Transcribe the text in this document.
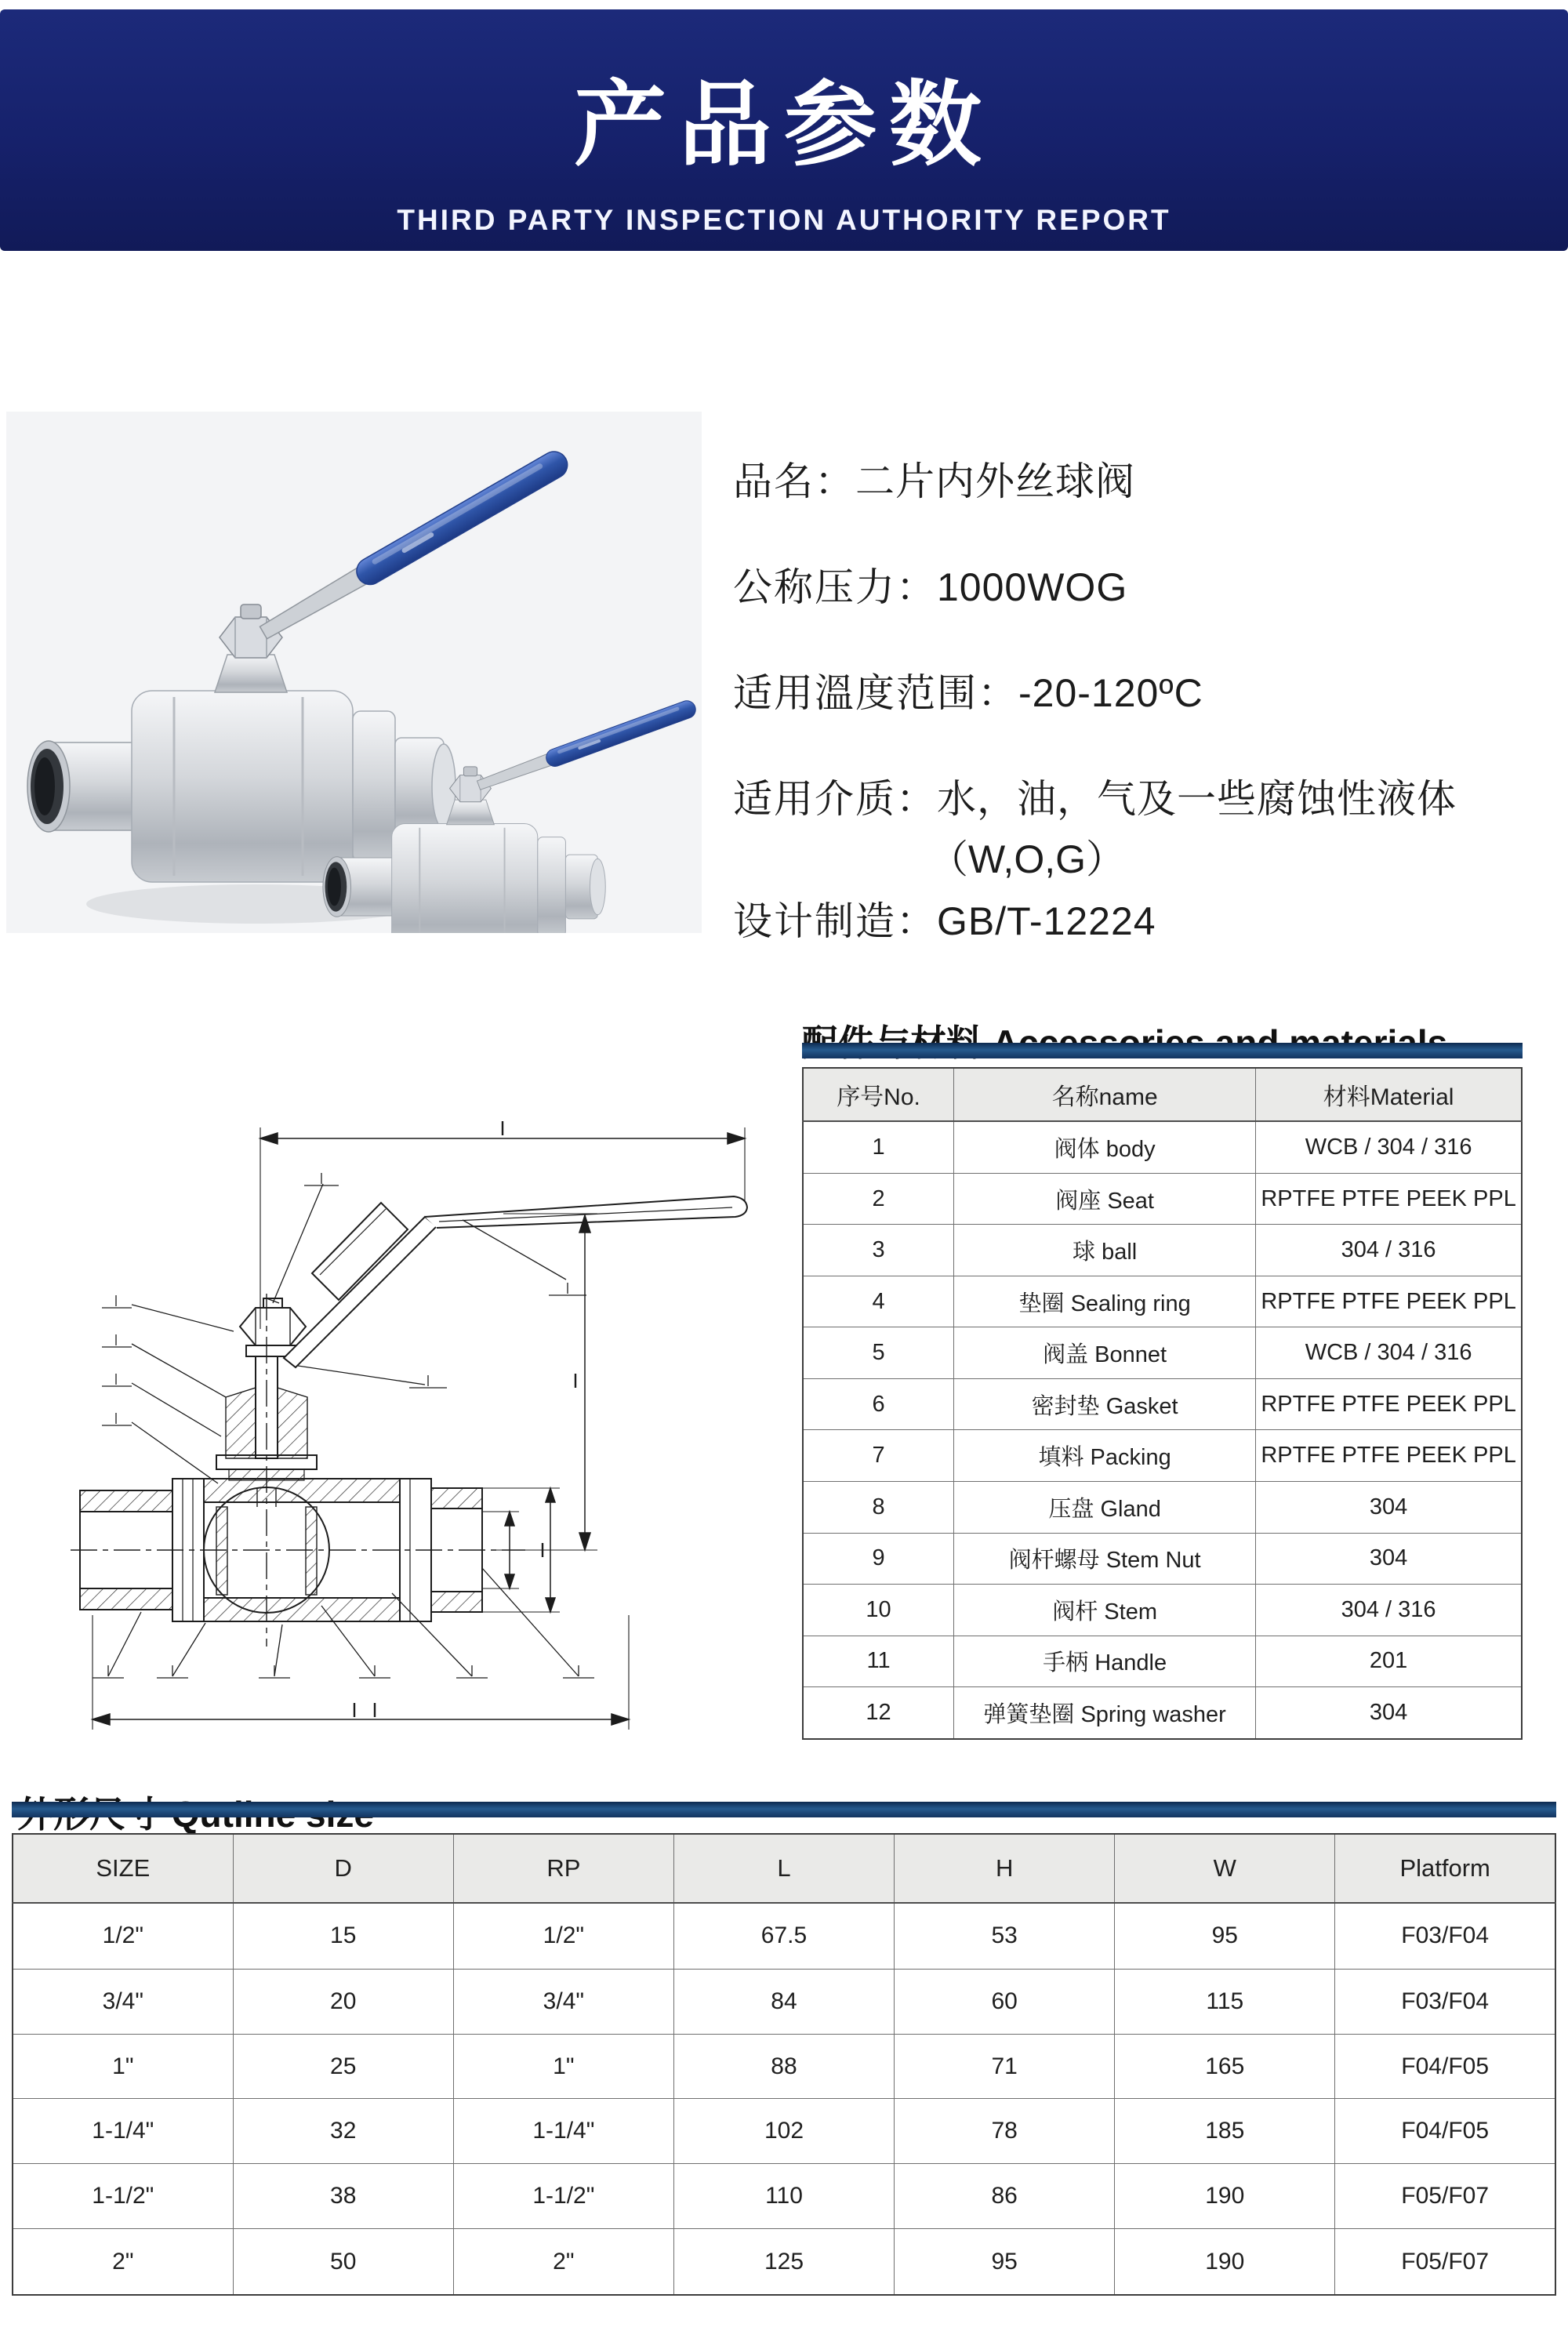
产品参数
THIRD PARTY INSPECTION AUTHORITY REPORT
品名：二片内外丝球阀
公称压力：1000WOG
适用溫度范围：-20-120ºC
适用介质：水，油，气及一些腐蚀性液体
（W,O,G）
设计制造：GB/T-12224
序号No.	名称name	材料Material
1	阀体 body	WCB / 304 / 316
2	阀座 Seat	RPTFE PTFE PEEK PPL
3	球 ball	304 / 316
4	垫圈 Sealing ring	RPTFE PTFE PEEK PPL
5	阀盖 Bonnet	WCB / 304 / 316
6	密封垫 Gasket	RPTFE PTFE PEEK PPL
7	填料 Packing	RPTFE PTFE PEEK PPL
8	压盘 Gland	304
9	阀杆螺母 Stem Nut	304
10	阀杆 Stem	304 / 316
11	手柄 Handle	201
12	弹簧垫圈 Spring washer	304
SIZE	D	RP	L	H	W	Platform
1/2"	15	1/2"	67.5	53	95	F03/F04
3/4"	20	3/4"	84	60	115	F03/F04
1"	25	1"	88	71	165	F04/F05
1-1/4"	32	1-1/4"	102	78	185	F04/F05
1-1/2"	38	1-1/2"	110	86	190	F05/F07
2"	50	2"	125	95	190	F05/F07
